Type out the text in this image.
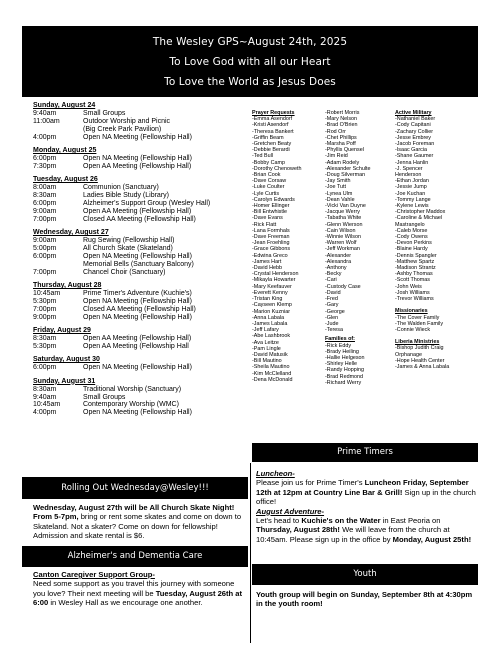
The Wesley GPS~August 24th, 2025
To Love God with all our Heart
To Love the World as Jesus Does
Sunday, August 24
9:40am	Small Groups
11:00am	Outdoor Worship and Picnic
(Big Creek Park Pavilion)
4:00pm	Open NA Meeting (Fellowship Hall)
Monday, August 25
6:00pm	Open NA Meeting (Fellowship Hall)
7:30pm	Open AA Meeting (Fellowship Hall)
Tuesday, August 26
8:00am	Communion (Sanctuary)
8:30am	Ladies Bible Study (Library)
6:00pm	Alzheimer's Support Group (Wesley Hall)
9:00am	Open AA Meeting (Fellowship Hall)
7:00pm	Closed AA Meeting (Fellowship Hall)
Wednesday, August 27
9:00am	Rug Sewing (Fellowship Hall)
5:00pm	All Church Skate (Skateland)
6:00pm	Open NA Meeting (Fellowship Hall)
Memorial Bells (Sanctuary Balcony)
7:00pm	Chancel Choir (Sanctuary)
Thursday, August 28
10:45am	Prime Timer's Adventure (Kuchie's)
5:30pm	Open NA Meeting (Fellowship Hall)
7:00pm	Closed AA Meeting (Fellowship Hall)
9:00pm	Open NA Meeting (Fellowship Hall)
Friday, August 29
8:30am	Open AA Meeting (Fellowship Hall)
5:30pm	Open AA Meeting (Fellowship Hall
Saturday, August 30
6:00pm	Open NA Meeting (Fellowship Hall)
Sunday, August 31
8:30am	Traditional Worship (Sanctuary)
9:40am	Small Groups
10:45am	Contemporary Worship (WMC)
4:00pm	Open NA Meeting (Fellowship Hall)
Prayer Requests
-Emma Asendorf
-Kristi Asendorf
-Theresa Bankert
-Griffin Beam
-Gretchen Beaty
-Debbie Berardi
-Ted Bull
-Bobby Camp
-Dorothy Chenoweth
-Brian Cook
-Dave Corsaw
-Luke Coulter
-Lyle Curtis
-Carolyn Edwards
-Homer Ellinger
-Bill Entwhistle
-Dave Evans
-Rick Flatt
-Lana Formhals
-Dave Freeman
-Jean Froehling
-Grace Gibbons
-Edwina Greco
-James Hart
-David Hebb
-Crystal Henderson
-Mikayla Howarter
-Mary Keefauver
-Everett Kenny
-Tristan King
-Cayseen Klemp
-Marion Kuzniar
-Anna Labala
-James Labala
-Jeff Lafary
-Abe Lashbrook
-Ava Leitze
-Pam Lingle
-David Matusik
-Bill Mautino
-Sheila Mautino
-Kim McClelland
-Dena McDonald
-Robert Morris
-Mary Nelson
-Brad O'Brien
-Rod Orr
-Chet Phillips
-Marsha Poff
-Phyllis Quensel
-Jim Reid
-Adam Rodely
-Alexander Schulte
-Doug Silverman
-Jay Smith
-Joe Tutt
-Lynea Ulm
-Dean Vahle
-Vicki Van Duyne
-Jacque Werry
-Tabatha White
-Glenn Wierson
-Cain Wilson
-Winnie Wilson
-Warren Wolf
-Jeff Workman
-Alexander
-Alexandra
-Anthony
-Becky
-Cari
-Custody Case
-David
-Fred
-Gary
-George
-Glen
-Jude
-Teresa
Families of:
-Rick Eddy
-Brady Heiling
-Hallie Helgeson
-Shirley Helle
-Randy Hopping
-Brad Redmond
-Richard Werry
Active Military
-Nathaniel Baker
-Cody Capitani
-Zachary Collier
-Jesse Embrey
-Jacob Foreman
-Isaac Garcia
-Shane Gaumer
-Jenna Hanlin
-J. Spencer
Henderson
-Ethan Jordan
-Jessie Jump
-Joe Kuchan
-Tommy Lange
-Kylene Lewis
-Christopher Maddox
-Caroline & Michael
Mastrangelo
-Caleb Morse
-Cody Owens
-Devon Perkins
-Blaine Hardy
-Dennis Spangler
-Matthew Spartz
-Madison Strantz
-Ashby Thomas
-Scott Thomas
-John Weis
-Josh Williams
-Trevor Williams
Missionaries
-The Cover Family
-The Walden Family
-Connie Wieck
Liberia Ministries
-Bishop Judith Craig
Orphanage
-Hope Health Center
-James & Anna Labala
Rolling Out Wednesday@Wesley!!!
Wednesday, August 27th will be All Church Skate Night! From 5-7pm, bring or rent some skates and come on down to Skateland. Not a skater? Come on down for fellowship! Admission and skate rental is $6.
Alzheimer's and Dementia Care
Canton Caregiver Support Group-
Need some support as you travel this journey with someone you love? Their next meeting will be Tuesday, August 26th at 6:00 in Wesley Hall as we encourage one another.
Prime Timers
Luncheon-
Please join us for Prime Timer's Luncheon Friday, September 12th at 12pm at Country Line Bar & Grill! Sign up in the church office!
August Adventure-
Let's head to Kuchie's on the Water in East Peoria on Thursday, August 28th! We will leave from the church at 10:45am. Please sign up in the office by Monday, August 25th!
Youth
Youth group will begin on Sunday, September 8th at 4:30pm in the youth room!
